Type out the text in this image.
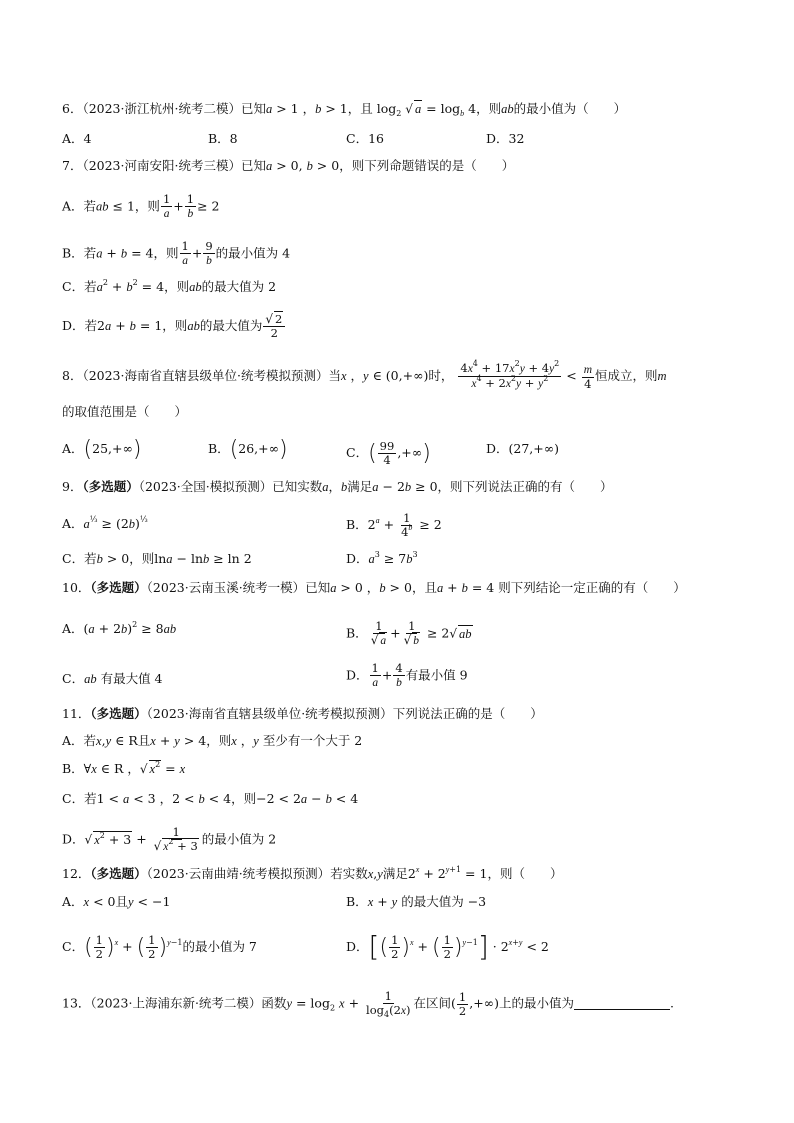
6．（2023·浙江杭州·统考二模）已知a > 1 ，b > 1，且 $\log_2$ √ $a = \log_b 4$，则ab的最小值为（　　）
A．4	B．8	C．16	D．32
7．（2023·河南安阳·统考三模）已知a > 0, b > 0，则下列命题错误的是（　　）
A．若ab ≤ 1，则 $\frac{1}{a} + \frac{1}{b} \ge 2$
B．若a + b = 4，则 $\frac{1}{a} + \frac{9}{b}$ 的最小值为 4
C．若$a^2 + b^2 = 4$，则ab的最大值为 2
D．若2a + b = 1，则ab的最大值为 $\frac{√ 2}{2}$
8．（2023·海南省直辖县级单位·统考模拟预测）当x ，y ∈ (0,+∞)时， $\frac{4x^4 + 17x^2y + 4y^2}{x^4 + 2x^2y + y^2} < \frac{m}{4}$ 恒成立，则m
的取值范围是（　　）
A．(25,+∞)	B．(26,+∞)	C．( $\frac{99}{4}$ ,+∞)	D．(27,+∞)
9．（多选题）（2023·全国·模拟预测）已知实数a，b满足a − 2b ≥ 0，则下列说法正确的有（　　）
A．$a^{\frac{1}{3}} \ge (2b)^{\frac{1}{3}}$	B．$2^a + \frac{1}{4^b} \ge 2$
C．若b > 0，则lna − lnb ≥ ln 2	D．$a^3 \ge 7b^3$
10．（多选题）（2023·云南玉溪·统考一模）已知a > 0 ，b > 0，且a + b = 4 则下列结论一定正确的有（　　）
A．$(a + 2b)^2 \ge 8ab$	B． $\frac{1}{√ a} + \frac{1}{√ b} \ge 2√$ ab
C．ab 有最大值 4	D． $\frac{1}{a} + \frac{4}{b}$ 有最小值 9
11．（多选题）（2023·海南省直辖县级单位·统考模拟预测）下列说法正确的是（　　）
A．若x,y ∈ R且x + y > 4，则x ，y 至少有一个大于 2
B．∀x ∈ R ，√ $x^2 = x$
C．若1 < a < 3 ，2 < b < 4，则−2 < 2a − b < 4
D．√ $x^2 + 3 + \frac{1}{√ x^2 + 3}$ 的最小值为 2
12．（多选题）（2023·云南曲靖·统考模拟预测）若实数x,y满足$2^x + 2^{y+1} = 1$，则（　　）
A．x < 0且y < −1	B．x + y 的最大值为 −3
C．( $\frac{1}{2} )^x$ + ( $\frac{1}{2} )^{y-1}$的最小值为 7	D．[( $\frac{1}{2} )^x$ + ( $\frac{1}{2} )^{y-1}] \cdot 2^{x+y} < 2$
13．（2023·上海浦东新·统考二模）函数$y = \log_2 x + \frac{1}{\log_4(2x)}$ 在区间( $\frac{1}{2}$ ,+∞)上的最小值为	.
